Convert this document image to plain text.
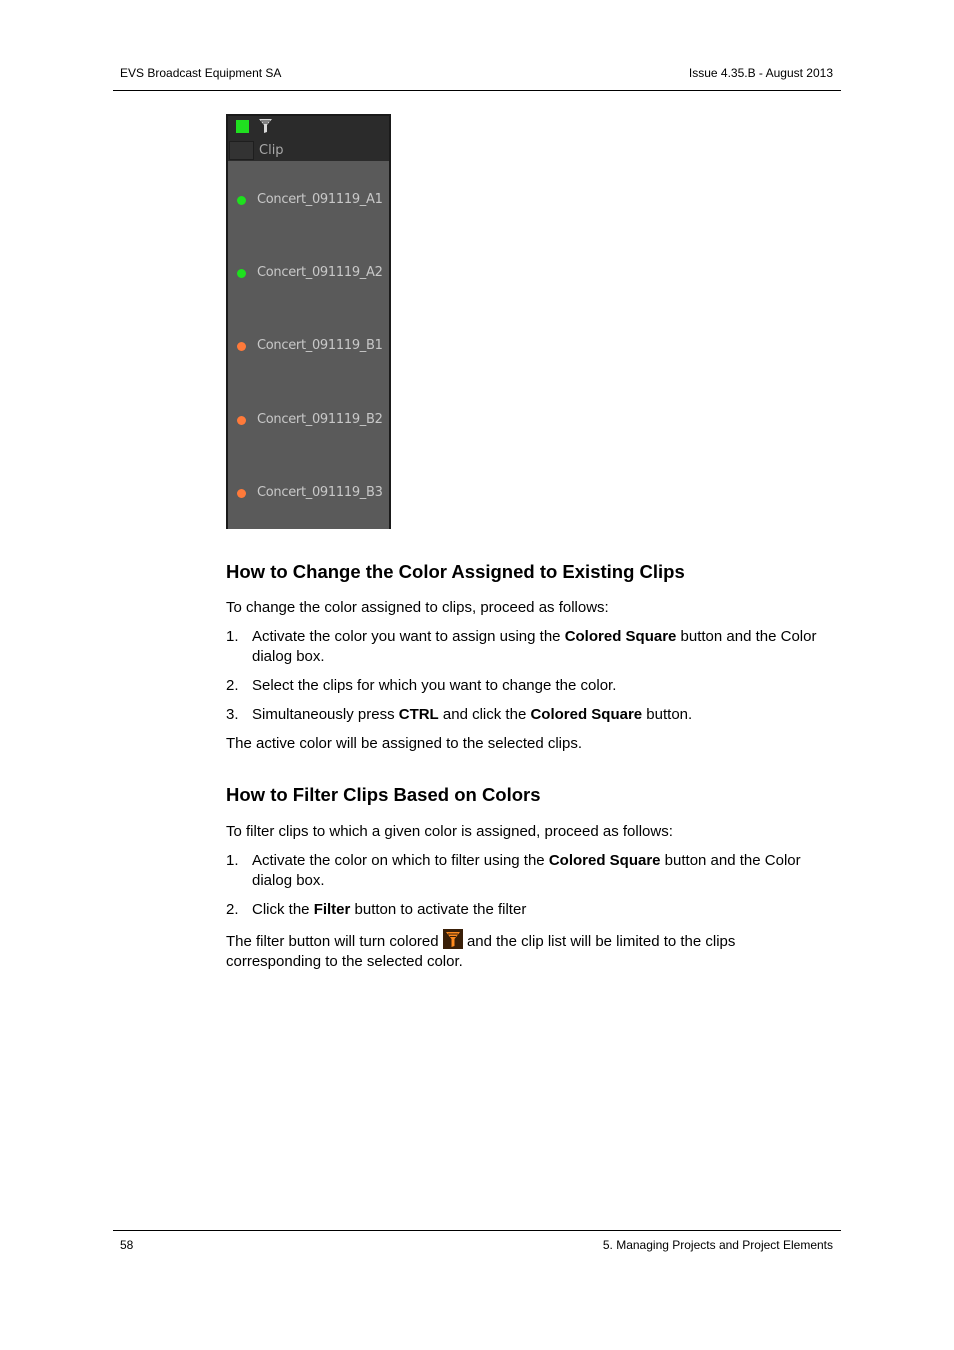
EVS Broadcast Equipment SA	Issue 4.35.B - August 2013
Clip
Concert_091119_A1
Concert_091119_A2
Concert_091119_B1
Concert_091119_B2
Concert_091119_B3
How to Change the Color Assigned to Existing Clips

To change the color assigned to clips, proceed as follows:

1. Activate the color you want to assign using the Colored Square button and the Color
dialog box.
2. Select the clips for which you want to change the color.
3. Simultaneously press CTRL and click the Colored Square button.

The active color will be assigned to the selected clips.

How to Filter Clips Based on Colors

To filter clips to which a given color is assigned, proceed as follows:

1. Activate the color on which to filter using the Colored Square button and the Color
dialog box.
2. Click the Filter button to activate the filter

The filter button will turn colored  and the clip list will be limited to the clips
corresponding to the selected color.

58	5. Managing Projects and Project Elements
